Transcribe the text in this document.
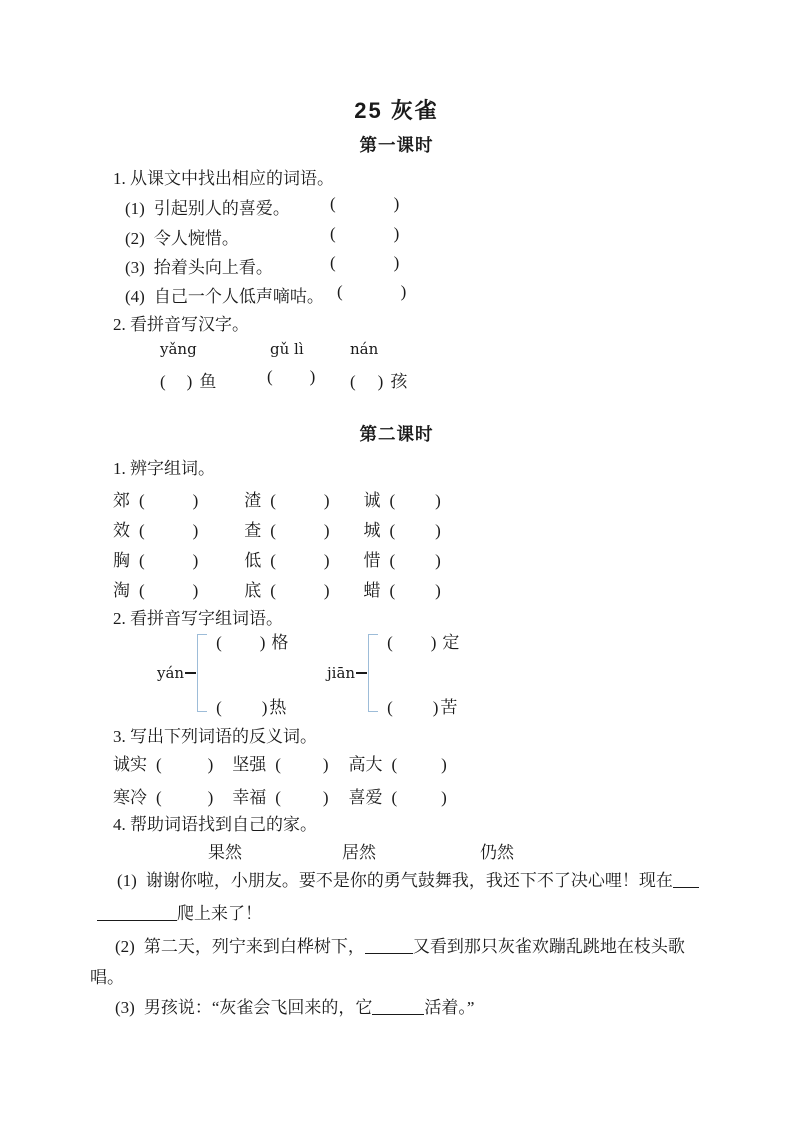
25 灰雀
第一课时
1. 从课文中找出相应的词语。
(1) 引起别人的喜爱。 (	)
(2) 令人惋惜。	(	)
(3) 抬着头向上看。	(	)
(4) 自己一个人低声嘀咕。 (	)
2. 看拼音写汉字。
yǎng	gǔ lì	nán
( ) 鱼	( ) ( ) 孩
第二课时
1. 辨字组词。
郊 (	)	渣 (	) 诚 ( )
效 (	)	查 (	) 城 ( )
胸 (	)	低 (	) 惜 ( )
淘 (	)	底 (	) 蜡 ( )
2. 看拼音写字组词语。
yán
( ) 格
( ) 热
jiān
( ) 定
( ) 苦
3. 写出下列词语的反义词。
诚实 (	) 坚强 ( ) 高大 (	)
寒冷 (	) 幸福 ( ) 喜爱 (	)
4. 帮助词语找到自己的家。
果然	居然	仍然
(1) 谢谢你啦，小朋友。要不是你的勇气鼓舞我，我还下不了决心哩！现在
爬上来了！
(2) 第二天，列宁来到白桦树下，	又看到那只灰雀欢蹦乱跳地在枝头歌
唱。
(3) 男孩说：“灰雀会飞回来的，它	活着。”
